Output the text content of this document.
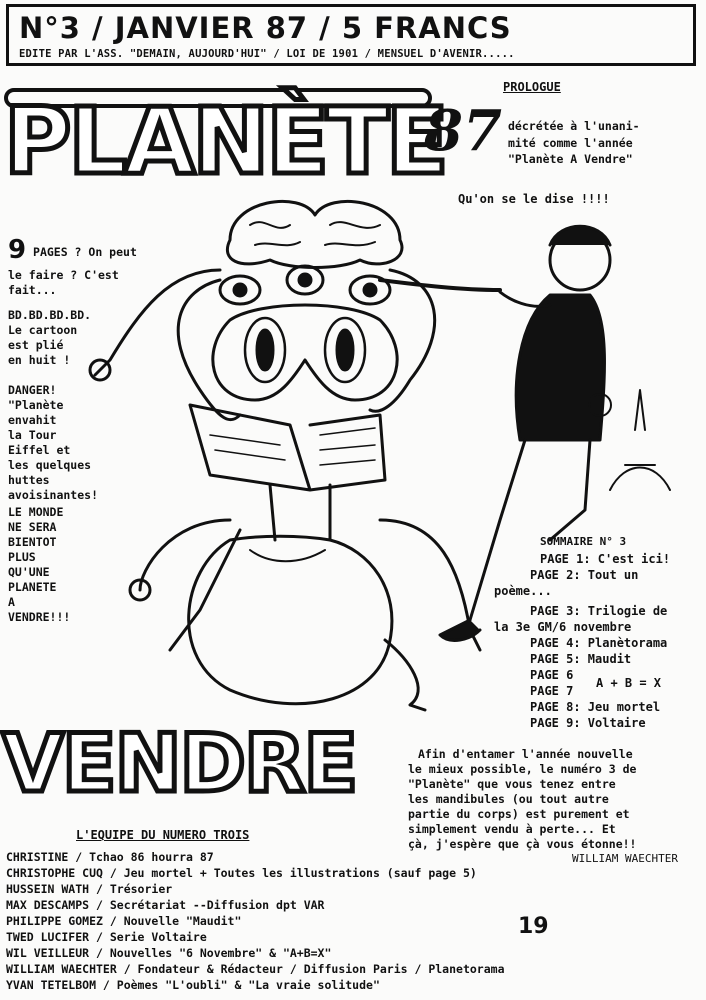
N°3 / JANVIER 87 / 5 FRANCS
EDITE PAR L'ASS. "DEMAIN, AUJOURD'HUI" / LOI DE 1901 / MENSUEL D'AVENIR.....
PLANÈTE
87
PROLOGUE
décrétée à l'unani-
mité comme l'année
"Planète A Vendre"
Qu'on se le dise !!!!
9 PAGES ? On peut
le faire ? C'est
fait...
BD.BD.BD.BD.
Le cartoon
est plié
en huit !
DANGER!
"Planète
envahit
la Tour
Eiffel et
les quelques
huttes
avoisinantes!
LE MONDE
NE SERA
BIENTOT
PLUS
QU'UNE
PLANETE
A
VENDRE!!!
SOMMAIRE N° 3
PAGE 1: C'est ici!
PAGE 2: Tout un
poème...
PAGE 3: Trilogie de
la 3e GM/6 novembre
PAGE 4: Planètorama
PAGE 5: Maudit
PAGE 6
PAGE 7
A + B = X
PAGE 8: Jeu mortel
PAGE 9: Voltaire
VENDRE	Afin d'entamer l'année nouvelle
le mieux possible, le numéro 3 de
"Planète" que vous tenez entre
les mandibules (ou tout autre
partie du corps) est purement et
simplement vendu à perte... Et
çà, j'espère que çà vous étonne!!
WILLIAM WAECHTER
L'EQUIPE DU NUMERO TROIS
CHRISTINE / Tchao 86 hourra 87
CHRISTOPHE CUQ / Jeu mortel + Toutes les illustrations (sauf page 5)
HUSSEIN WATH / Trésorier
MAX DESCAMPS / Secrétariat --Diffusion dpt VAR
PHILIPPE GOMEZ / Nouvelle "Maudit"
TWED LUCIFER / Serie Voltaire
WIL VEILLEUR / Nouvelles "6 Novembre" & "A+B=X"
WILLIAM WAECHTER / Fondateur & Rédacteur / Diffusion Paris / Planetorama
YVAN TETELBOM / Poèmes "L'oubli" & "La vraie solitude"
19
